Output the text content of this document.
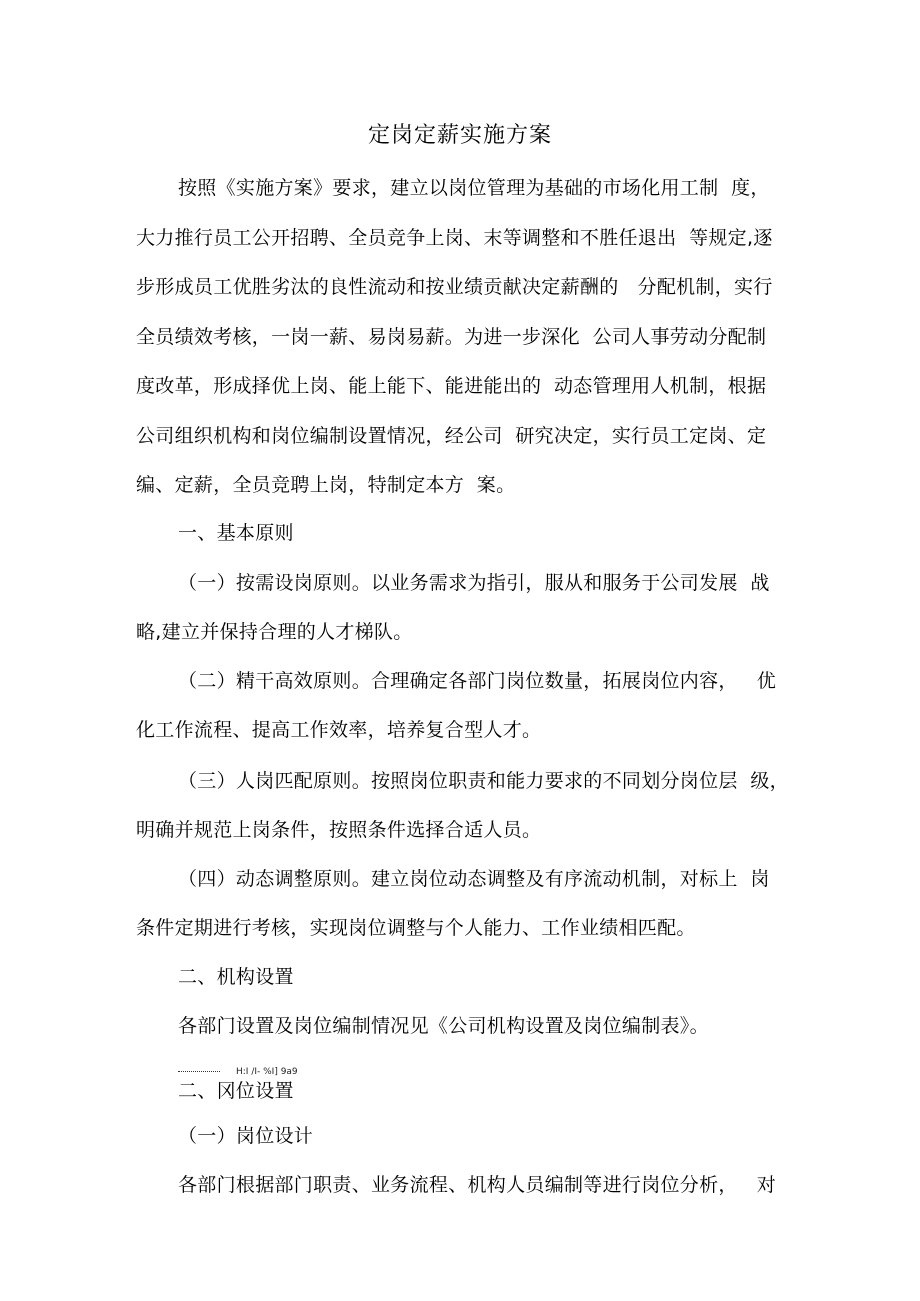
定岗定薪实施方案
按照《实施方案》要求，建立以岗位管理为基础的市场化用工制  度，
大力推行员工公开招聘、全员竞争上岗、末等调整和不胜任退出  等规定,逐
步形成员工优胜劣汰的良性流动和按业绩贡献决定薪酬的   分配机制，实行
全员绩效考核，一岗一薪、易岗易薪。为进一步深化  公司人事劳动分配制
度改革，形成择优上岗、能上能下、能进能出的  动态管理用人机制，根据
公司组织机构和岗位编制设置情况，经公司  研究决定，实行员工定岗、定
编、定薪，全员竞聘上岗，特制定本方  案。
一、基本原则
（一）按需设岗原则。以业务需求为指引，服从和服务于公司发展  战
略,建立并保持合理的人才梯队。
（二）精干高效原则。合理确定各部门岗位数量，拓展岗位内容，   优
化工作流程、提高工作效率，培养复合型人才。
（三）人岗匹配原则。按照岗位职责和能力要求的不同划分岗位层  级，
明确并规范上岗条件，按照条件选择合适人员。
（四）动态调整原则。建立岗位动态调整及有序流动机制，对标上  岗
条件定期进行考核，实现岗位调整与个人能力、工作业绩相匹配。
二、机构设置
各部门设置及岗位编制情况见《公司机构设置及岗位编制表》。
H:I /I- %I] 9a9
二、冈位设置
（一）岗位设计
各部门根据部门职责、业务流程、机构人员编制等进行岗位分析，   对
